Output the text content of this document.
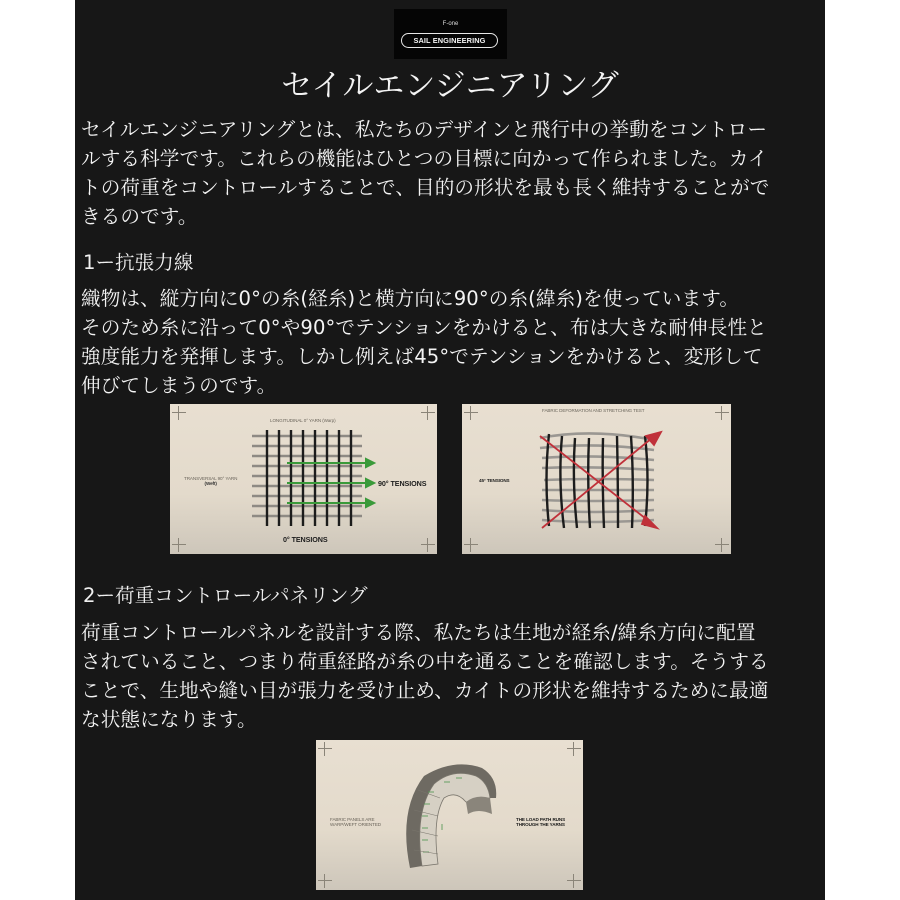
F-one
SAIL ENGINEERING
セイルエンジニアリング
セイルエンジニアリングとは、私たちのデザインと飛行中の挙動をコントロー
ルする科学です。これらの機能はひとつの目標に向かって作られました。カイ
トの荷重をコントロールすることで、目的の形状を最も長く維持することがで
きるのです。
1ー抗張力線
織物は、縦方向に0°の糸(経糸)と横方向に90°の糸(緯糸)を使っています。
そのため糸に沿って0°や90°でテンションをかけると、布は大きな耐伸長性と
強度能力を発揮します。しかし例えば45°でテンションをかけると、変形して
伸びてしまうのです。
LONGITUDINAL 0° YARN (Warp)
TRANSVERSAL 90° YARN
(Weft)	90° TENSIONS
0° TENSIONS
FABRIC DEFORMATION AND STRETCHING TEST
45° TENSIONS
2ー荷重コントロールパネリング
荷重コントロールパネルを設計する際、私たちは生地が経糸/緯糸方向に配置
されていること、つまり荷重経路が糸の中を通ることを確認します。そうする
ことで、生地や縫い目が張力を受け止め、カイトの形状を維持するために最適
な状態になります。
FABRIC PANELS ARE
WARP/WEFT ORIENTED
THE LOAD PATH RUNS
THROUGH THE YARNS
